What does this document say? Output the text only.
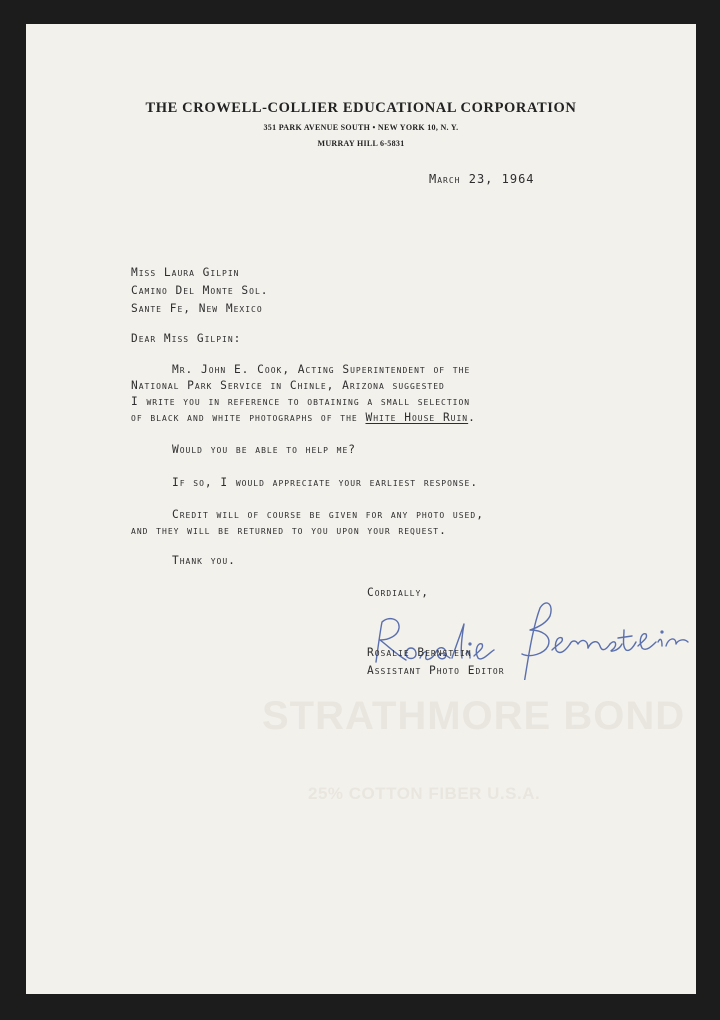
STRATHMORE BOND
25% COTTON FIBER U.S.A.
THE CROWELL-COLLIER EDUCATIONAL CORPORATION
351 PARK AVENUE SOUTH • NEW YORK 10, N. Y.
MURRAY HILL 6-5831
March 23, 1964
Miss Laura Gilpin
Camino Del Monte Sol.
Sante Fe, New Mexico
Dear Miss Gilpin:
Mr. John E. Cook, Acting Superintendent of the
National Park Service in Chinle, Arizona suggested
I write you in reference to obtaining a small selection
of black and white photographs of the White House Ruin.
Would you be able to help me?
If so, I would appreciate your earliest response.
Credit will of course be given for any photo used,
and they will be returned to you upon your request.
Thank you.
Cordially,
Rosalie Bernstein
Assistant Photo Editor
